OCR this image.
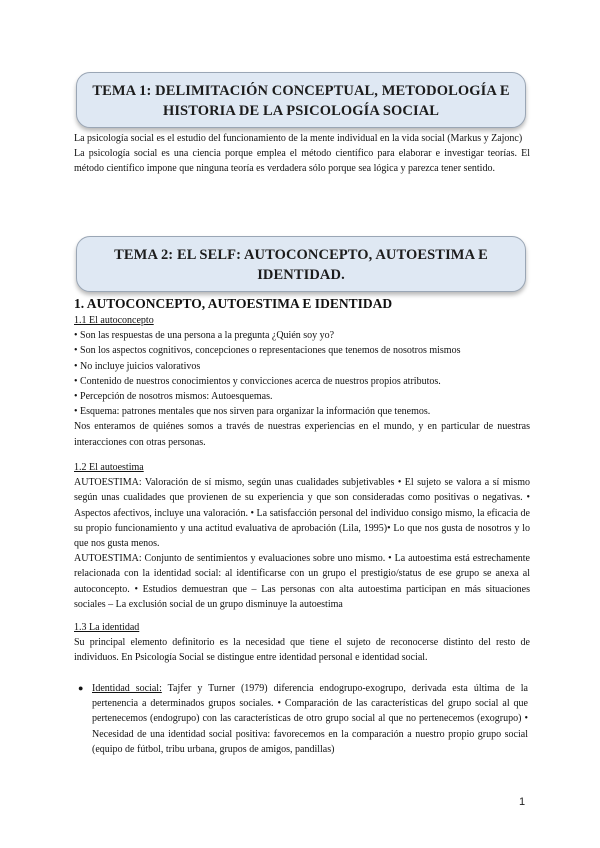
TEMA 1: DELIMITACIÓN CONCEPTUAL, METODOLOGÍA E
HISTORIA DE LA PSICOLOGÍA SOCIAL

La psicología social es el estudio del funcionamiento de la mente individual en la vida social (Markus y Zajonc)

La psicología social es una ciencia porque emplea el método científico para elaborar e investigar teorías. El método científico impone que ninguna teoría es verdadera sólo porque sea lógica y parezca tener sentido.

TEMA 2: EL SELF: AUTOCONCEPTO, AUTOESTIMA E
IDENTIDAD.
1. AUTOCONCEPTO, AUTOESTIMA E IDENTIDAD

1.1 El autoconcepto

• Son las respuestas de una persona a la pregunta ¿Quién soy yo?

• Son los aspectos cognitivos, concepciones o representaciones que tenemos de nosotros mismos

• No incluye juicios valorativos

• Contenido de nuestros conocimientos y convicciones acerca de nuestros propios atributos.

• Percepción de nosotros mismos: Autoesquemas.

• Esquema: patrones mentales que nos sirven para organizar la información que tenemos.

Nos enteramos de quiénes somos a través de nuestras experiencias en el mundo, y en particular de nuestras interacciones con otras personas.

1.2 El autoestima

AUTOESTIMA: Valoración de sí mismo, según unas cualidades subjetivables • El sujeto se valora a sí mismo según unas cualidades que provienen de su experiencia y que son consideradas como positivas o negativas. • Aspectos afectivos, incluye una valoración. • La satisfacción personal del individuo consigo mismo, la eficacia de su propio funcionamiento y una actitud evaluativa de aprobación (Lila, 1995)• Lo que nos gusta de nosotros y lo que nos gusta menos.

AUTOESTIMA: Conjunto de sentimientos y evaluaciones sobre uno mismo. • La autoestima está estrechamente relacionada con la identidad social: al identificarse con un grupo el prestigio/status de ese grupo se anexa al autoconcepto. • Estudios demuestran que – Las personas con alta autoestima participan en más situaciones sociales – La exclusión social de un grupo disminuye la autoestima

1.3 La identidad

Su principal elemento definitorio es la necesidad que tiene el sujeto de reconocerse distinto del resto de individuos. En Psicología Social se distingue entre identidad personal e identidad social.

● Identidad social: Tajfer y Turner (1979) diferencia endogrupo-exogrupo, derivada esta última de la pertenencia a determinados grupos sociales. • Comparación de las características del grupo social al que pertenecemos (endogrupo) con las características de otro grupo social al que no pertenecemos (exogrupo) • Necesidad de una identidad social positiva: favorecemos en la comparación a nuestro propio grupo social (equipo de fútbol, tribu urbana, grupos de amigos, pandillas)
1
